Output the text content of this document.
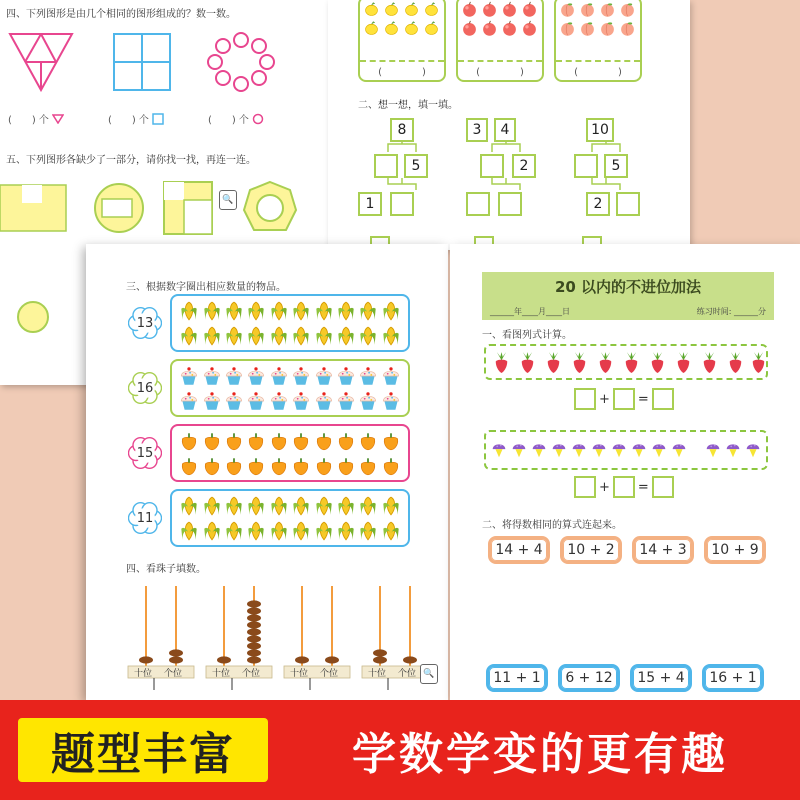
四、下列图形是由几个相同的图形组成的？数一数。
(　　) 个	(　　) 个	(　　) 个
五、下列图形各缺少了一部分，请你找一找，再连一连。
🔍
(　　　　)	(　　　　)	(　　　　)
二、想一想，填一填。
8
5
1
3	4
2
10
5
2
三、根据数字圈出相应数量的物品。
13
16
15
11
四、看珠子填数。
十位 个位	十位 个位	十位 个位	十位 个位 🔍
20 以内的不进位加法
______年____月____日	练习时间: ______分
一、看图列式计算。
+ =
+ =
二、将得数相同的算式连起来。
14 + 4 10 + 2 14 + 3 10 + 9
11 + 1 6 + 12 15 + 4 16 + 1
题型丰富	学数学变的更有趣
